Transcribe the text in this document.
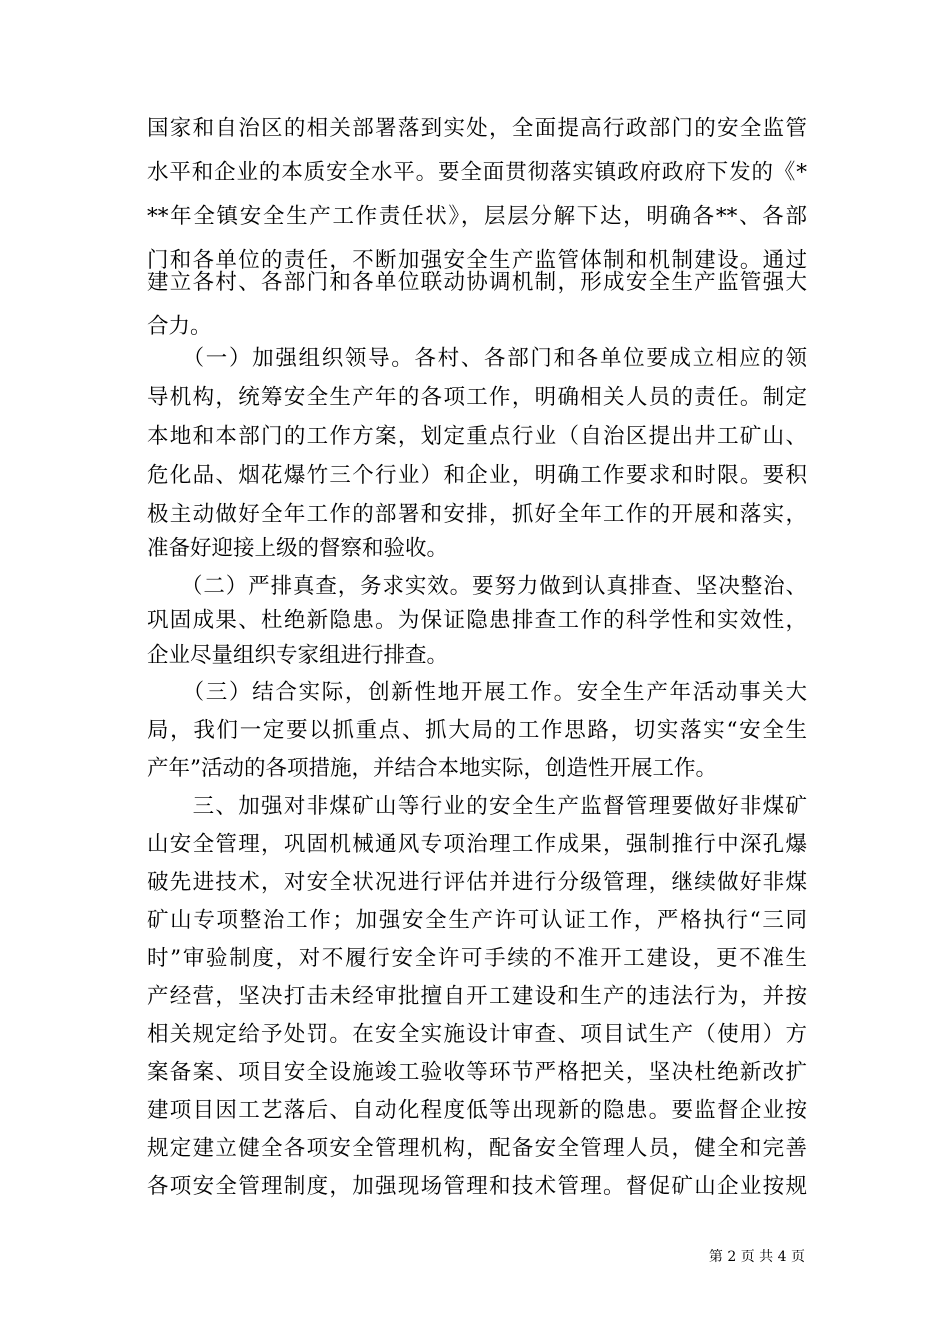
国家和自治区的相关部署落到实处，全面提高行政部门的安全监管
水平和企业的本质安全水平。要全面贯彻落实镇政府政府下发的《*
**年全镇安全生产工作责任状》，层层分解下达，明确各**、各部
门和各单位的责任，不断加强安全生产监管体制和机制建设。通过
建立各村、各部门和各单位联动协调机制，形成安全生产监管强大
合力。
　　（一）加强组织领导。各村、各部门和各单位要成立相应的领
导机构，统筹安全生产年的各项工作，明确相关人员的责任。制定
本地和本部门的工作方案，划定重点行业（自治区提出井工矿山、
危化品、烟花爆竹三个行业）和企业，明确工作要求和时限。要积
极主动做好全年工作的部署和安排，抓好全年工作的开展和落实，
准备好迎接上级的督察和验收。
　　（二）严排真查，务求实效。要努力做到认真排查、坚决整治、
巩固成果、杜绝新隐患。为保证隐患排查工作的科学性和实效性，
企业尽量组织专家组进行排查。
　　（三）结合实际，创新性地开展工作。安全生产年活动事关大
局，我们一定要以抓重点、抓大局的工作思路，切实落实“安全生
产年”活动的各项措施，并结合本地实际，创造性开展工作。
　　三、加强对非煤矿山等行业的安全生产监督管理要做好非煤矿
山安全管理，巩固机械通风专项治理工作成果，强制推行中深孔爆
破先进技术，对安全状况进行评估并进行分级管理，继续做好非煤
矿山专项整治工作；加强安全生产许可认证工作，严格执行“三同
时”审验制度，对不履行安全许可手续的不准开工建设，更不准生
产经营，坚决打击未经审批擅自开工建设和生产的违法行为，并按
相关规定给予处罚。在安全实施设计审查、项目试生产（使用）方
案备案、项目安全设施竣工验收等环节严格把关，坚决杜绝新改扩
建项目因工艺落后、自动化程度低等出现新的隐患。要监督企业按
规定建立健全各项安全管理机构，配备安全管理人员，健全和完善
各项安全管理制度，加强现场管理和技术管理。督促矿山企业按规
第 2 页 共 4 页
